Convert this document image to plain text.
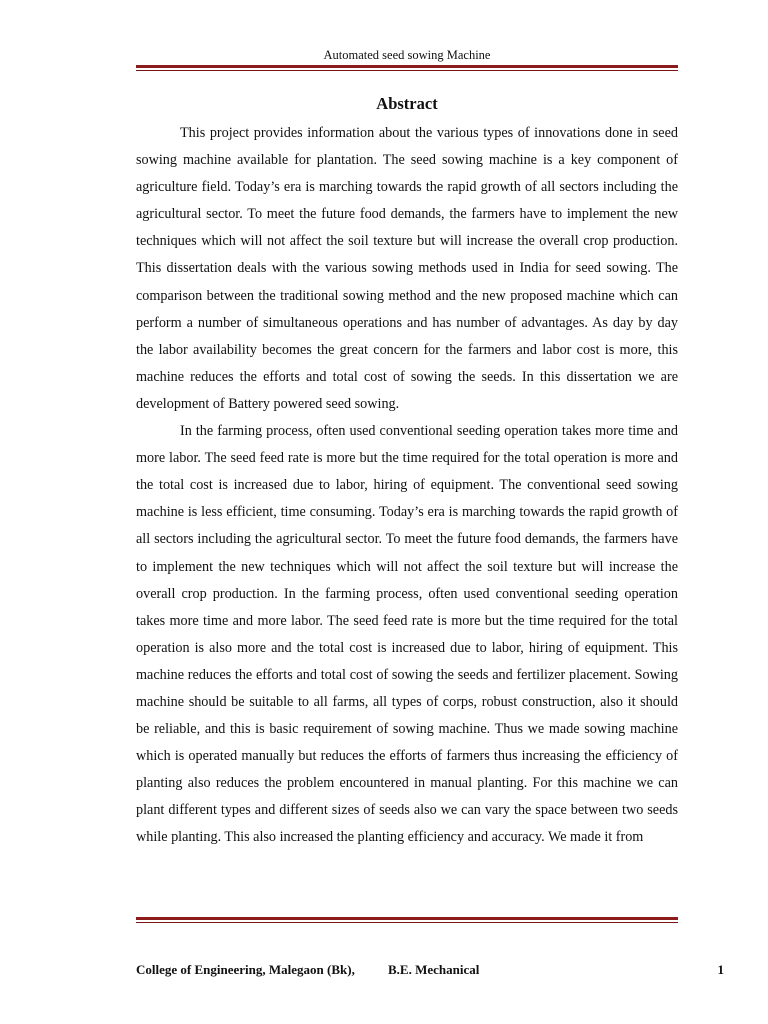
Automated seed sowing Machine
Abstract

This project provides information about the various types of innovations done in seed sowing machine available for plantation. The seed sowing machine is a key component of agriculture field. Today’s era is marching towards the rapid growth of all sectors including the agricultural sector. To meet the future food demands, the farmers have to implement the new techniques which will not affect the soil texture but will increase the overall crop production. This dissertation deals with the various sowing methods used in India for seed sowing. The comparison between the traditional sowing method and the new proposed machine which can perform a number of simultaneous operations and has number of advantages. As day by day the labor availability becomes the great concern for the farmers and labor cost is more, this machine reduces the efforts and total cost of sowing the seeds. In this dissertation we are development of Battery powered seed sowing.

In the farming process, often used conventional seeding operation takes more time and more labor. The seed feed rate is more but the time required for the total operation is more and the total cost is increased due to labor, hiring of equipment. The conventional seed sowing machine is less efficient, time consuming. Today’s era is marching towards the rapid growth of all sectors including the agricultural sector. To meet the future food demands, the farmers have to implement the new techniques which will not affect the soil texture but will increase the overall crop production. In the farming process, often used conventional seeding operation takes more time and more labor. The seed feed rate is more but the time required for the total operation is also more and the total cost is increased due to labor, hiring of equipment. This machine reduces the efforts and total cost of sowing the seeds and fertilizer placement. Sowing machine should be suitable to all farms, all types of corps, robust construction, also it should be reliable, and this is basic requirement of sowing machine. Thus we made sowing machine which is operated manually but reduces the efforts of farmers thus increasing the efficiency of planting also reduces the problem encountered in manual planting. For this machine we can plant different types and different sizes of seeds also we can vary the space between two seeds while planting. This also increased the planting efficiency and accuracy. We made it from

College of Engineering, Malegaon (Bk),	B.E. Mechanical	1
